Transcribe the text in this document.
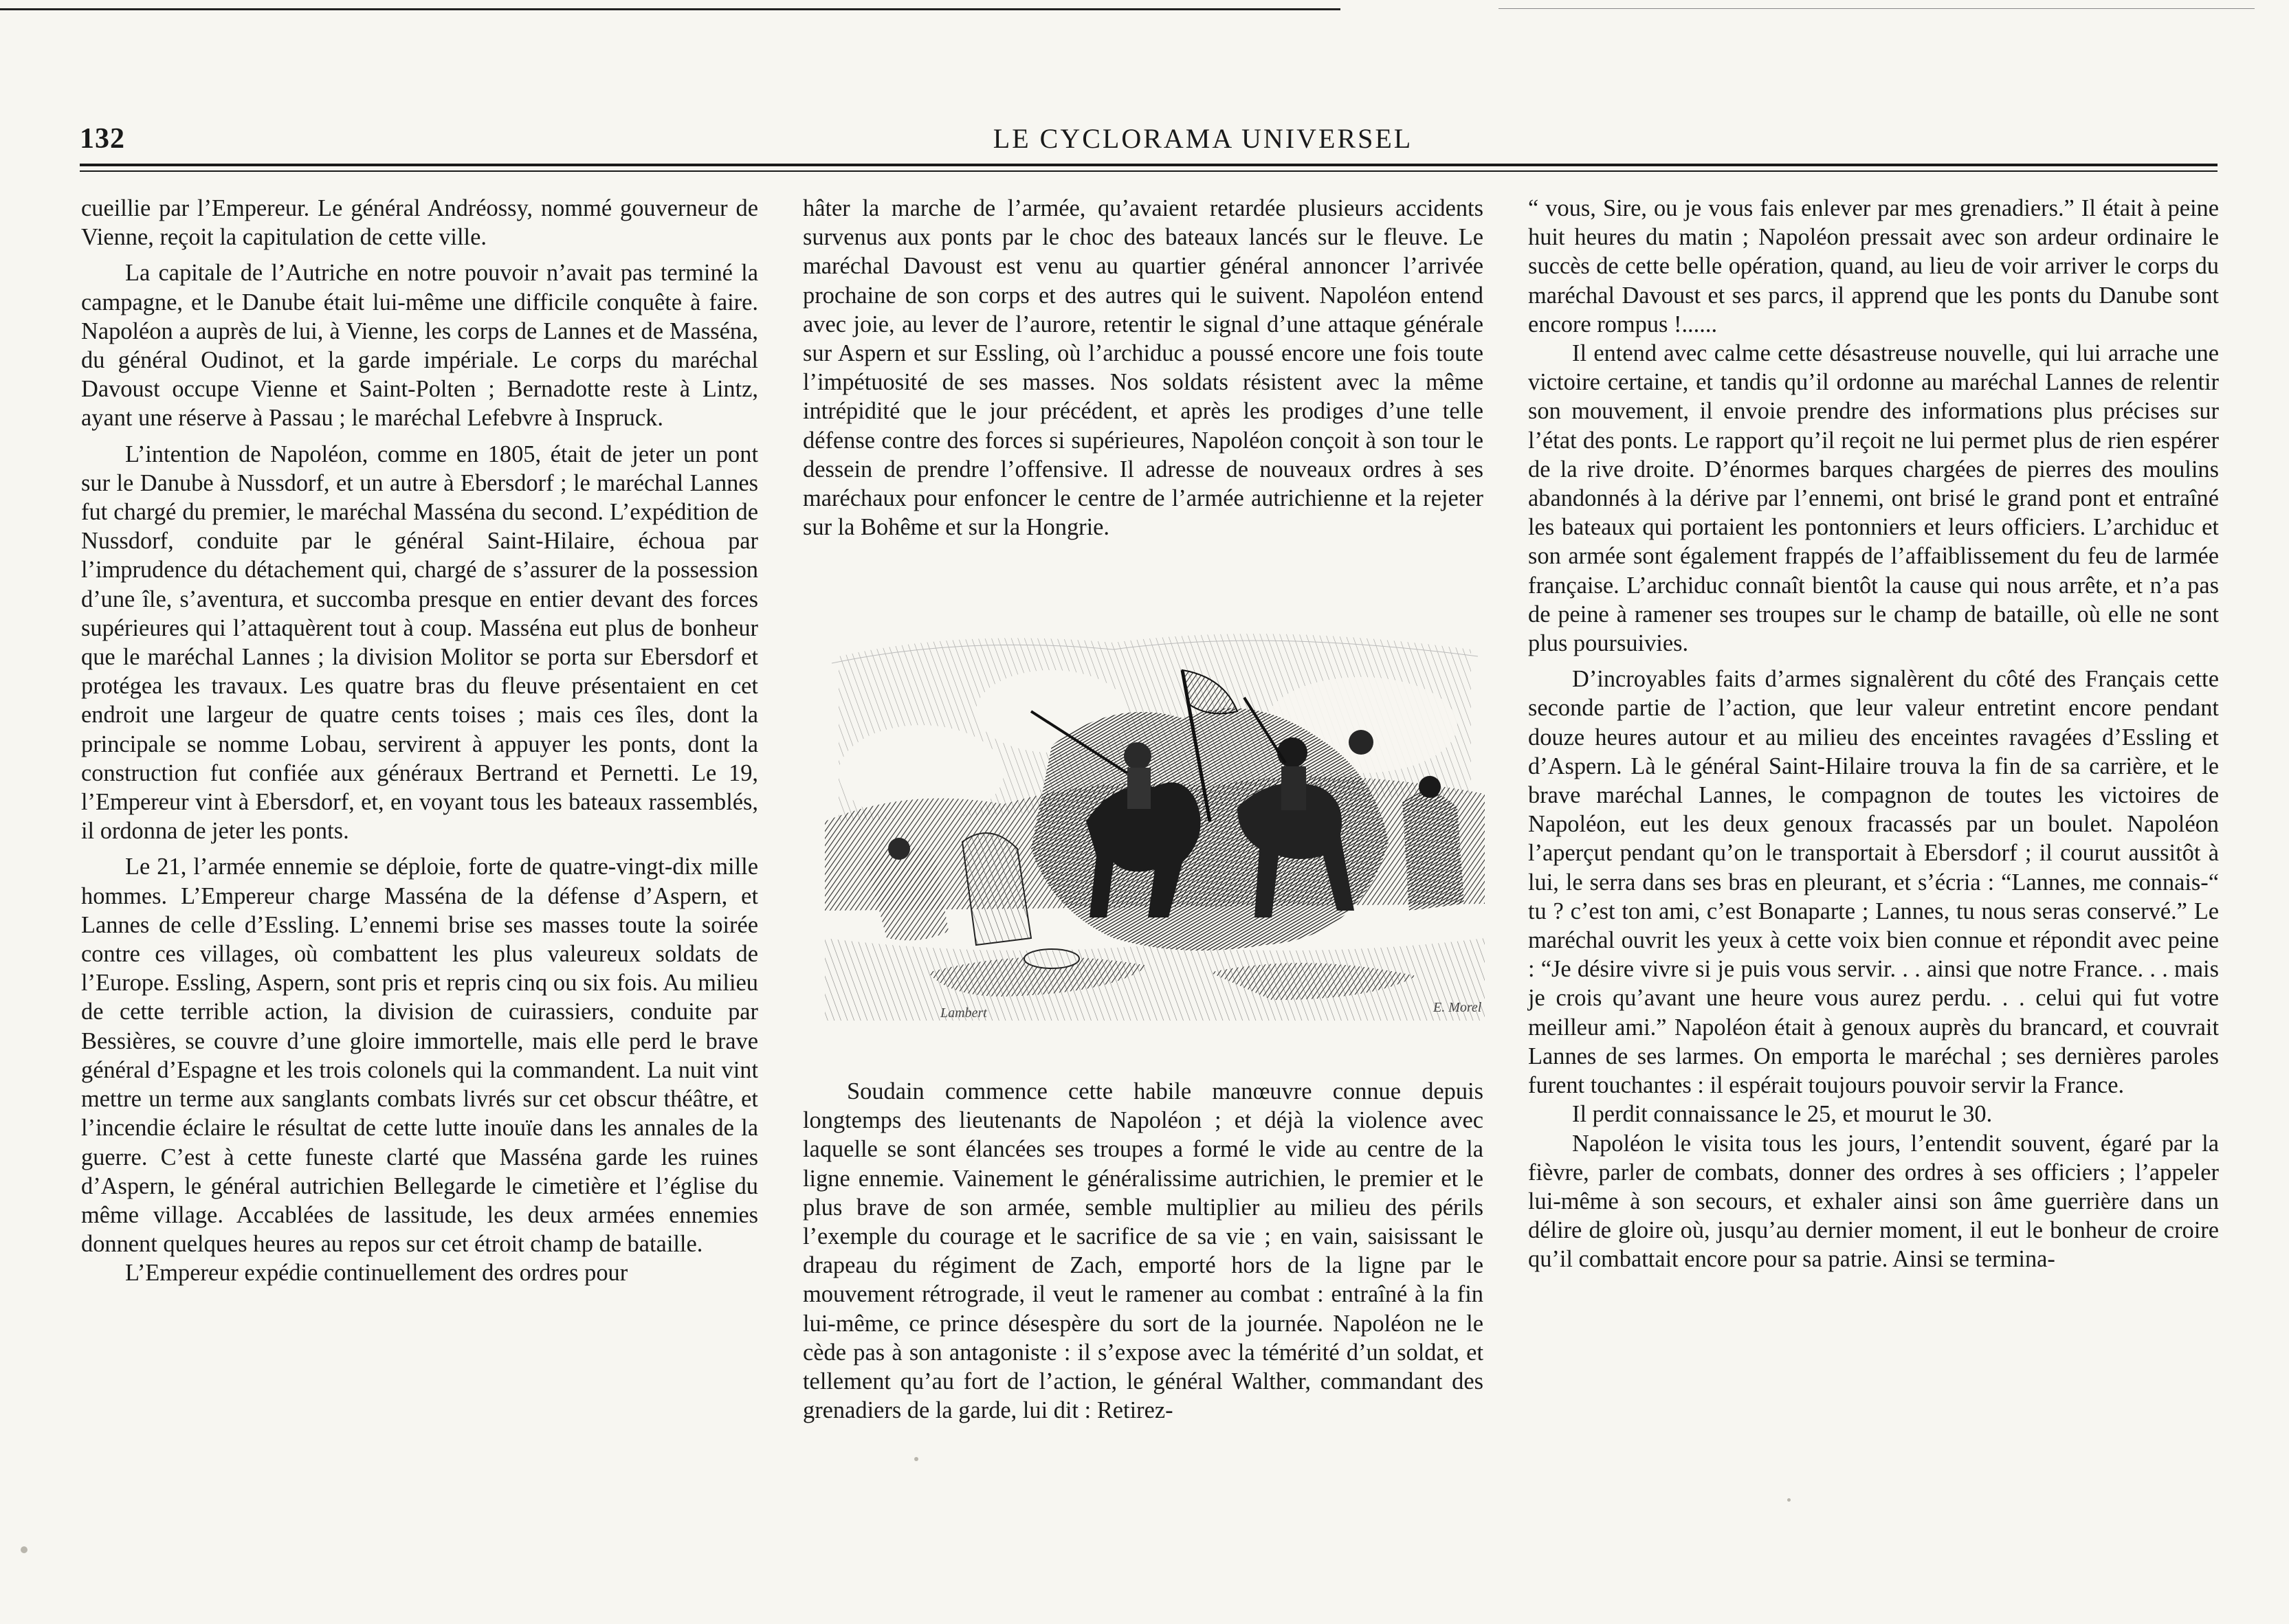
132	LE CYCLORAMA UNIVERSEL

cueillie par l’Empereur. Le général Andréossy, nommé gouverneur de Vienne, reçoit la capitulation de cette ville.

La capitale de l’Autriche en notre pouvoir n’avait pas terminé la campagne, et le Danube était lui-même une difficile conquête à faire. Napoléon a auprès de lui, à Vienne, les corps de Lannes et de Masséna, du général Oudinot, et la garde impériale. Le corps du maréchal Davoust occupe Vienne et Saint-Polten ; Bernadotte reste à Lintz, ayant une réserve à Passau ; le maréchal Lefebvre à Inspruck.

L’intention de Napoléon, comme en 1805, était de jeter un pont sur le Danube à Nussdorf, et un autre à Ebersdorf ; le maréchal Lannes fut chargé du premier, le maréchal Masséna du second. L’expédition de Nussdorf, conduite par le général Saint-Hilaire, échoua par l’imprudence du détachement qui, chargé de s’assurer de la possession d’une île, s’aventura, et succomba presque en entier devant des forces supérieures qui l’attaquèrent tout à coup. Masséna eut plus de bonheur que le maréchal Lannes ; la division Molitor se porta sur Ebersdorf et protégea les travaux. Les quatre bras du fleuve présentaient en cet endroit une largeur de quatre cents toises ; mais ces îles, dont la principale se nomme Lobau, servirent à appuyer les ponts, dont la construction fut confiée aux généraux Bertrand et Pernetti. Le 19, l’Empereur vint à Ebersdorf, et, en voyant tous les bateaux rassemblés, il ordonna de jeter les ponts.

Le 21, l’armée ennemie se déploie, forte de quatre-vingt-dix mille hommes. L’Empereur charge Masséna de la défense d’Aspern, et Lannes de celle d’Essling. L’ennemi brise ses masses toute la soirée contre ces villages, où combattent les plus valeureux soldats de l’Europe. Essling, Aspern, sont pris et repris cinq ou six fois. Au milieu de cette terrible action, la division de cuirassiers, conduite par Bessières, se couvre d’une gloire immortelle, mais elle perd le brave général d’Espagne et les trois colonels qui la commandent. La nuit vint mettre un terme aux sanglants combats livrés sur cet obscur théâtre, et l’incendie éclaire le résultat de cette lutte inouïe dans les annales de la guerre. C’est à cette funeste clarté que Masséna garde les ruines d’Aspern, le général autrichien Bellegarde le cimetière et l’église du même village. Accablées de lassitude, les deux armées ennemies donnent quelques heures au repos sur cet étroit champ de bataille.

L’Empereur expédie continuellement des ordres pour

hâter la marche de l’armée, qu’avaient retardée plusieurs accidents survenus aux ponts par le choc des bateaux lancés sur le fleuve. Le maréchal Davoust est venu au quartier général annoncer l’arrivée prochaine de son corps et des autres qui le suivent. Napoléon entend avec joie, au lever de l’aurore, retentir le signal d’une attaque générale sur Aspern et sur Essling, où l’archiduc a poussé encore une fois toute l’impétuosité de ses masses. Nos soldats résistent avec la même intrépidité que le jour précédent, et après les prodiges d’une telle défense contre des forces si supérieures, Napoléon conçoit à son tour le dessein de prendre l’offensive. Il adresse de nouveaux ordres à ses maréchaux pour enfoncer le centre de l’armée autrichienne et la rejeter sur la Bohême et sur la Hongrie.

Lambert	E. Morel

Soudain commence cette habile manœuvre connue depuis longtemps des lieutenants de Napoléon ; et déjà la violence avec laquelle se sont élancées ses troupes a formé le vide au centre de la ligne ennemie. Vainement le généralissime autrichien, le premier et le plus brave de son armée, semble multiplier au milieu des périls l’exemple du courage et le sacrifice de sa vie ; en vain, saisissant le drapeau du régiment de Zach, emporté hors de la ligne par le mouvement rétrograde, il veut le ramener au combat : entraîné à la fin lui-même, ce prince désespère du sort de la journée. Napoléon ne le cède pas à son antagoniste : il s’expose avec la témérité d’un soldat, et tellement qu’au fort de l’action, le général Walther, commandant des grenadiers de la garde, lui dit : Retirez-

“ vous, Sire, ou je vous fais enlever par mes grenadiers.” Il était à peine huit heures du matin ; Napoléon pressait avec son ardeur ordinaire le succès de cette belle opération, quand, au lieu de voir arriver le corps du maréchal Davoust et ses parcs, il apprend que les ponts du Danube sont encore rompus !......

Il entend avec calme cette désastreuse nouvelle, qui lui arrache une victoire certaine, et tandis qu’il ordonne au maréchal Lannes de relentir son mouvement, il envoie prendre des informations plus précises sur l’état des ponts. Le rapport qu’il reçoit ne lui permet plus de rien espérer de la rive droite. D’énormes barques chargées de pierres des moulins abandonnés à la dérive par l’ennemi, ont brisé le grand pont et entraîné les bateaux qui portaient les pontonniers et leurs officiers. L’archiduc et son armée sont également frappés de l’affaiblissement du feu de larmée française. L’archiduc connaît bientôt la cause qui nous arrête, et n’a pas de peine à ramener ses troupes sur le champ de bataille, où elle ne sont plus poursuivies.

D’incroyables faits d’armes signalèrent du côté des Français cette seconde partie de l’action, que leur valeur entretint encore pendant douze heures autour et au milieu des enceintes ravagées d’Essling et d’Aspern. Là le général Saint-Hilaire trouva la fin de sa carrière, et le brave maréchal Lannes, le compagnon de toutes les victoires de Napoléon, eut les deux genoux fracassés par un boulet. Napoléon l’aperçut pendant qu’on le transportait à Ebersdorf ; il courut aussitôt à lui, le serra dans ses bras en pleurant, et s’écria : “Lannes, me connais-“ tu ? c’est ton ami, c’est Bonaparte ; Lannes, tu nous seras conservé.” Le maréchal ouvrit les yeux à cette voix bien connue et répondit avec peine : “Je désire vivre si je puis vous servir. . . ainsi que notre France. . . mais je crois qu’avant une heure vous aurez perdu. . . celui qui fut votre meilleur ami.” Napoléon était à genoux auprès du brancard, et couvrait Lannes de ses larmes. On emporta le maréchal ; ses dernières paroles furent touchantes : il espérait toujours pouvoir servir la France.

Il perdit connaissance le 25, et mourut le 30.

Napoléon le visita tous les jours, l’entendit souvent, égaré par la fièvre, parler de combats, donner des ordres à ses officiers ; l’appeler lui-même à son secours, et exhaler ainsi son âme guerrière dans un délire de gloire où, jusqu’au dernier moment, il eut le bonheur de croire qu’il combattait encore pour sa patrie. Ainsi se termina-
